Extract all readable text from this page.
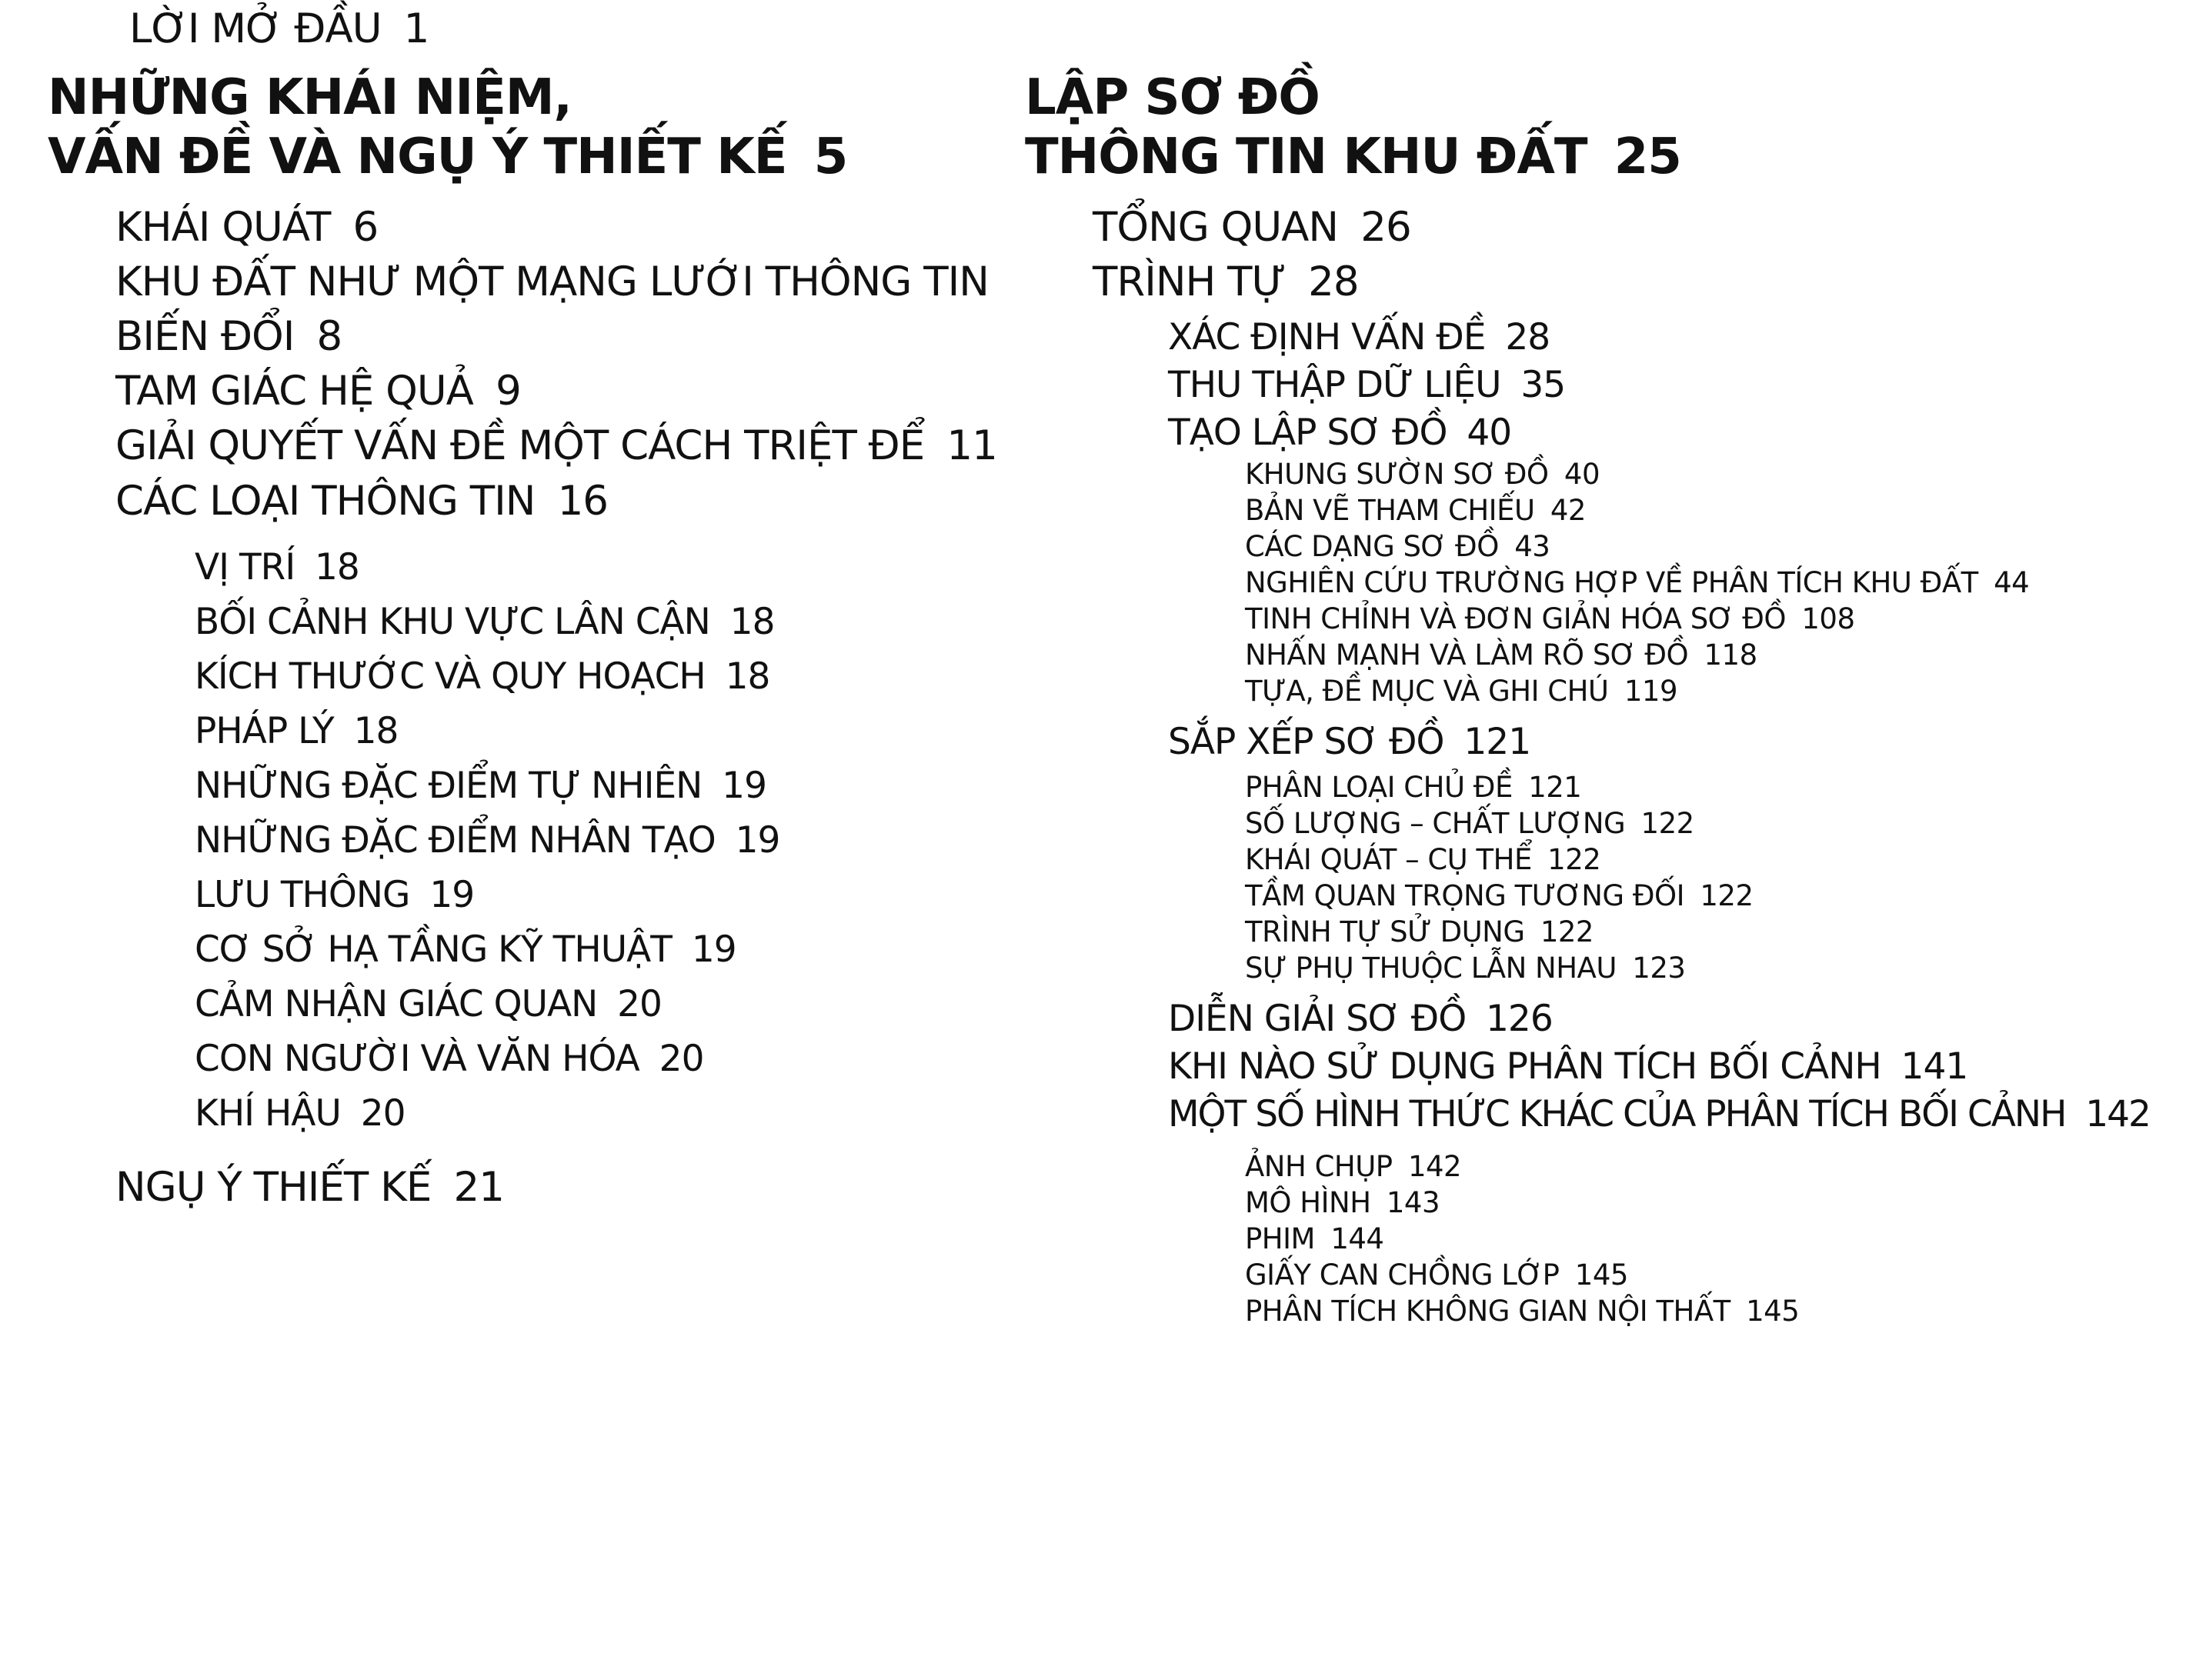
LỜI MỞ ĐẦU 1
NHỮNG KHÁI NIỆM,
VẤN ĐỀ VÀ NGỤ Ý THIẾT KẾ 5
KHÁI QUÁT 6
KHU ĐẤT NHƯ MỘT MẠNG LƯỚI THÔNG TIN
BIẾN ĐỔI 8
TAM GIÁC HỆ QUẢ 9
GIẢI QUYẾT VẤN ĐỀ MỘT CÁCH TRIỆT ĐỂ 11
CÁC LOẠI THÔNG TIN 16
VỊ TRÍ 18
BỐI CẢNH KHU VỰC LÂN CẬN 18
KÍCH THƯỚC VÀ QUY HOẠCH 18
PHÁP LÝ 18
NHỮNG ĐẶC ĐIỂM TỰ NHIÊN 19
NHỮNG ĐẶC ĐIỂM NHÂN TẠO 19
LƯU THÔNG 19
CƠ SỞ HẠ TẦNG KỸ THUẬT 19
CẢM NHẬN GIÁC QUAN 20
CON NGƯỜI VÀ VĂN HÓA 20
KHÍ HẬU 20
NGỤ Ý THIẾT KẾ 21
LẬP SƠ ĐỒ
THÔNG TIN KHU ĐẤT 25
TỔNG QUAN 26
TRÌNH TỰ 28
XÁC ĐỊNH VẤN ĐỀ 28
THU THẬP DỮ LIỆU 35
TẠO LẬP SƠ ĐỒ 40
KHUNG SƯỜN SƠ ĐỒ 40
BẢN VẼ THAM CHIẾU 42
CÁC DẠNG SƠ ĐỒ 43
NGHIÊN CỨU TRƯỜNG HỢP VỀ PHÂN TÍCH KHU ĐẤT 44
TINH CHỈNH VÀ ĐƠN GIẢN HÓA SƠ ĐỒ 108
NHẤN MẠNH VÀ LÀM RÕ SƠ ĐỒ 118
TỰA, ĐỀ MỤC VÀ GHI CHÚ 119
SẮP XẾP SƠ ĐỒ 121
PHÂN LOẠI CHỦ ĐỀ 121
SỐ LƯỢNG – CHẤT LƯỢNG 122
KHÁI QUÁT – CỤ THỂ 122
TẦM QUAN TRỌNG TƯƠNG ĐỐI 122
TRÌNH TỰ SỬ DỤNG 122
SỰ PHỤ THUỘC LẪN NHAU 123
DIỄN GIẢI SƠ ĐỒ 126
KHI NÀO SỬ DỤNG PHÂN TÍCH BỐI CẢNH 141
MỘT SỐ HÌNH THỨC KHÁC CỦA PHÂN TÍCH BỐI CẢNH 142
ẢNH CHỤP 142
MÔ HÌNH 143
PHIM 144
GIẤY CAN CHỒNG LỚP 145
PHÂN TÍCH KHÔNG GIAN NỘI THẤT 145
